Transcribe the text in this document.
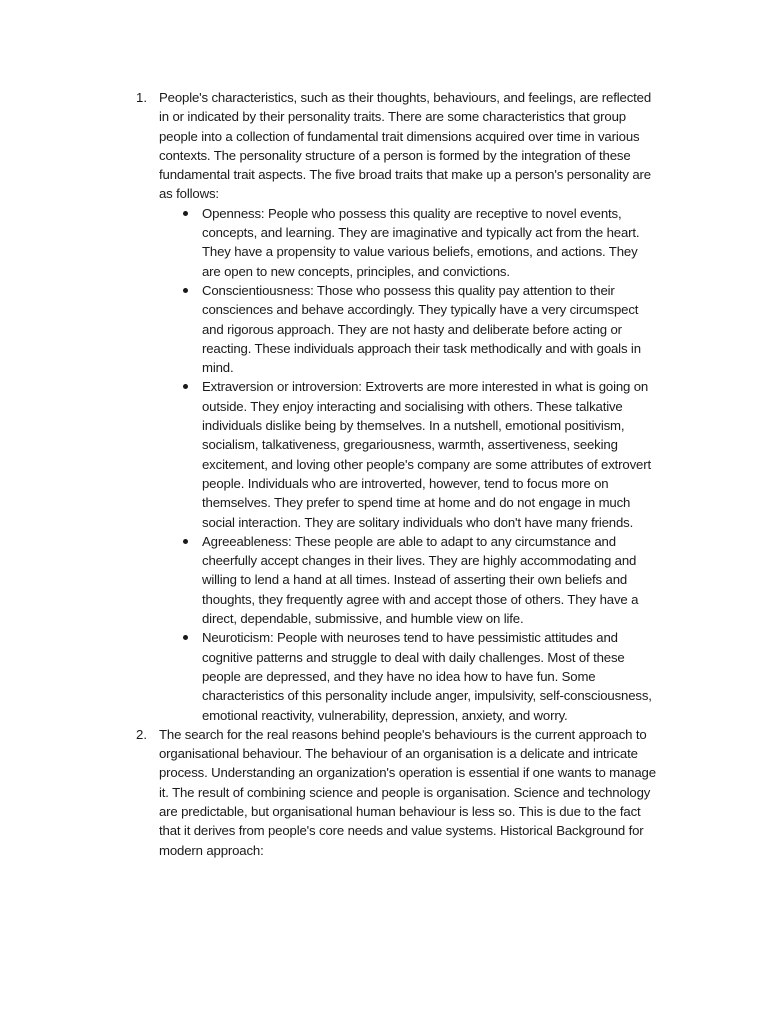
1. People's characteristics, such as their thoughts, behaviours, and feelings, are reflected in or indicated by their personality traits. There are some characteristics that group people into a collection of fundamental trait dimensions acquired over time in various contexts. The personality structure of a person is formed by the integration of these fundamental trait aspects. The five broad traits that make up a person's personality are as follows:

Openness: People who possess this quality are receptive to novel events, concepts, and learning. They are imaginative and typically act from the heart. They have a propensity to value various beliefs, emotions, and actions. They are open to new concepts, principles, and convictions.
Conscientiousness: Those who possess this quality pay attention to their consciences and behave accordingly. They typically have a very circumspect and rigorous approach. They are not hasty and deliberate before acting or reacting. These individuals approach their task methodically and with goals in mind.
Extraversion or introversion: Extroverts are more interested in what is going on outside. They enjoy interacting and socialising with others. These talkative individuals dislike being by themselves. In a nutshell, emotional positivism, socialism, talkativeness, gregariousness, warmth, assertiveness, seeking excitement, and loving other people's company are some attributes of extrovert people. Individuals who are introverted, however, tend to focus more on themselves. They prefer to spend time at home and do not engage in much social interaction. They are solitary individuals who don't have many friends.
Agreeableness: These people are able to adapt to any circumstance and cheerfully accept changes in their lives. They are highly accommodating and willing to lend a hand at all times. Instead of asserting their own beliefs and thoughts, they frequently agree with and accept those of others. They have a direct, dependable, submissive, and humble view on life.
Neuroticism: People with neuroses tend to have pessimistic attitudes and cognitive patterns and struggle to deal with daily challenges. Most of these people are depressed, and they have no idea how to have fun. Some characteristics of this personality include anger, impulsivity, self-consciousness, emotional reactivity, vulnerability, depression, anxiety, and worry.
2. The search for the real reasons behind people's behaviours is the current approach to organisational behaviour. The behaviour of an organisation is a delicate and intricate process. Understanding an organization's operation is essential if one wants to manage it. The result of combining science and people is organisation. Science and technology are predictable, but organisational human behaviour is less so. This is due to the fact that it derives from people's core needs and value systems. Historical Background for modern approach:
